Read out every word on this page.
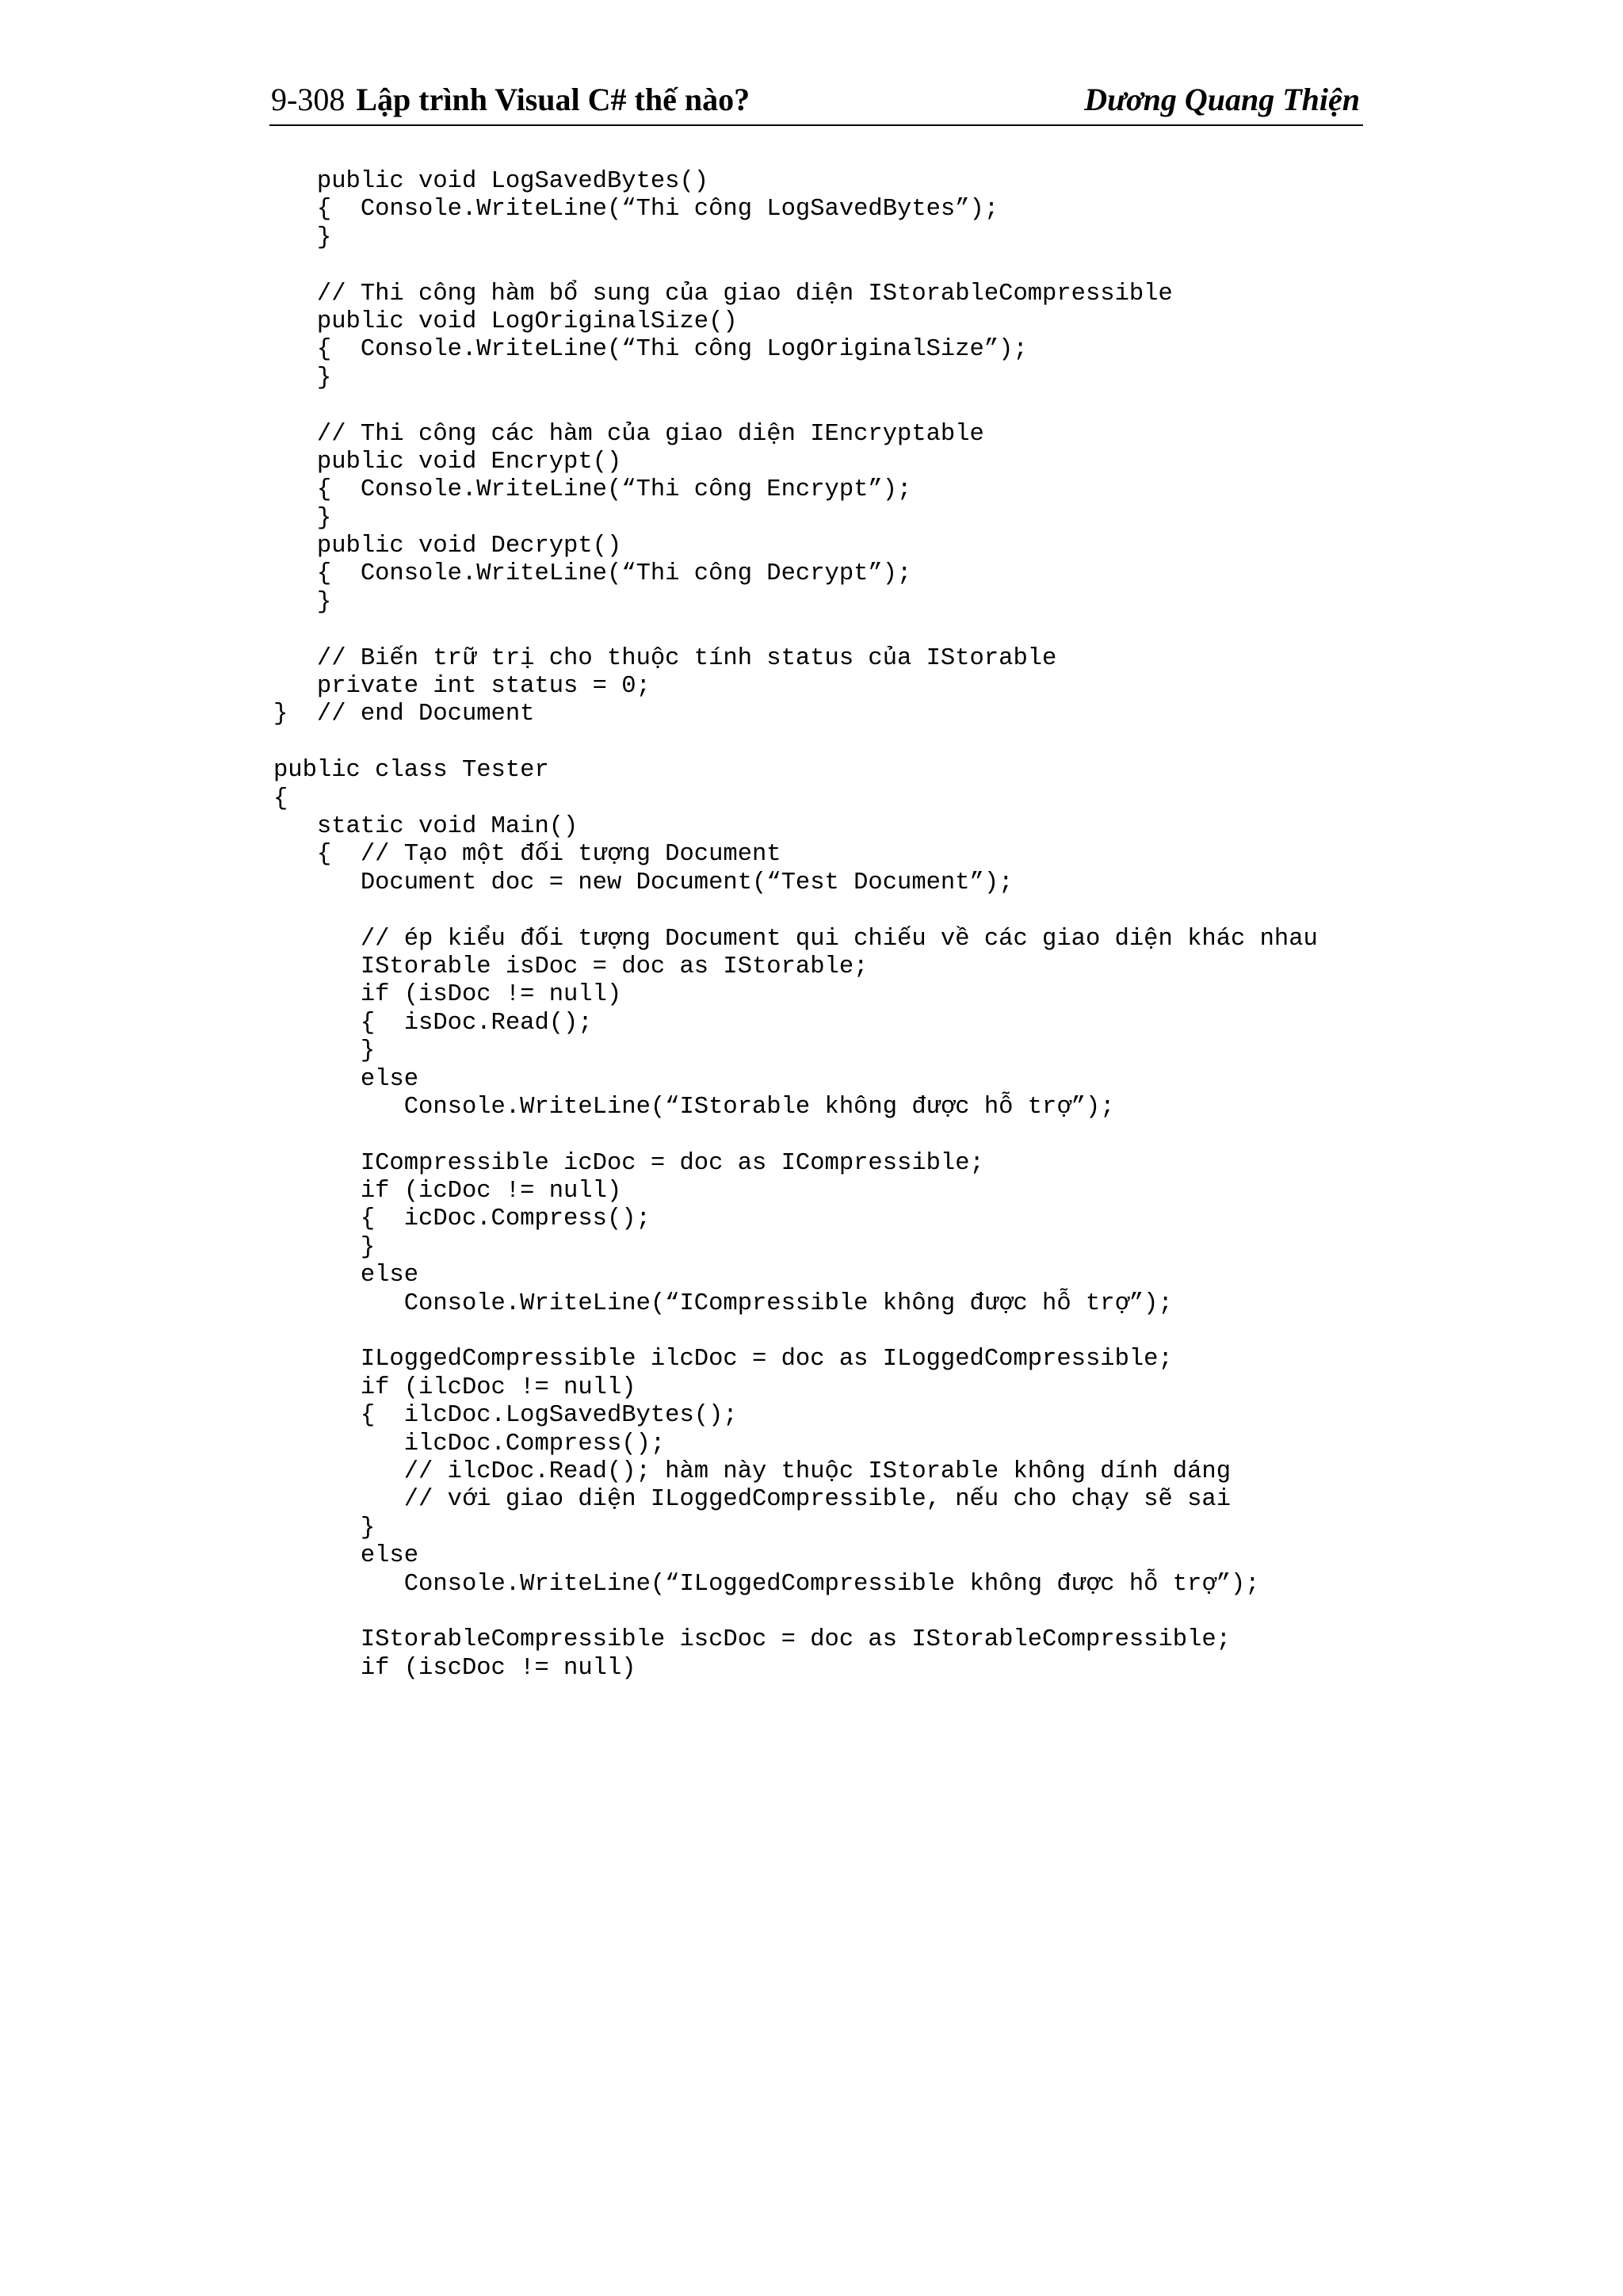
9-308 Lập trình Visual C# thế nào?	Dương Quang Thiện
public void LogSavedBytes()
{  Console.WriteLine(“Thi công LogSavedBytes”);
}
// Thi công hàm bổ sung của giao diện IStorableCompressible
public void LogOriginalSize()
{  Console.WriteLine(“Thi công LogOriginalSize”);
}
// Thi công các hàm của giao diện IEncryptable
public void Encrypt()
{  Console.WriteLine(“Thi công Encrypt”);
}
public void Decrypt()
{  Console.WriteLine(“Thi công Decrypt”);
}
// Biến trữ trị cho thuộc tính status của IStorable
private int status = 0;
}  // end Document
public class Tester
{
static void Main()
{  // Tạo một đối tượng Document
Document doc = new Document(“Test Document”);
// ép kiểu đối tượng Document qui chiếu về các giao diện khác nhau
IStorable isDoc = doc as IStorable;
if (isDoc != null)
{  isDoc.Read();
}
else
Console.WriteLine(“IStorable không được hỗ trợ”);
ICompressible icDoc = doc as ICompressible;
if (icDoc != null)
{  icDoc.Compress();
}
else
Console.WriteLine(“ICompressible không được hỗ trợ”);
ILoggedCompressible ilcDoc = doc as ILoggedCompressible;
if (ilcDoc != null)
{  ilcDoc.LogSavedBytes();
ilcDoc.Compress();
// ilcDoc.Read(); hàm này thuộc IStorable không dính dáng
// với giao diện ILoggedCompressible, nếu cho chạy sẽ sai
}
else
Console.WriteLine(“ILoggedCompressible không được hỗ trợ”);
IStorableCompressible iscDoc = doc as IStorableCompressible;
if (iscDoc != null)
